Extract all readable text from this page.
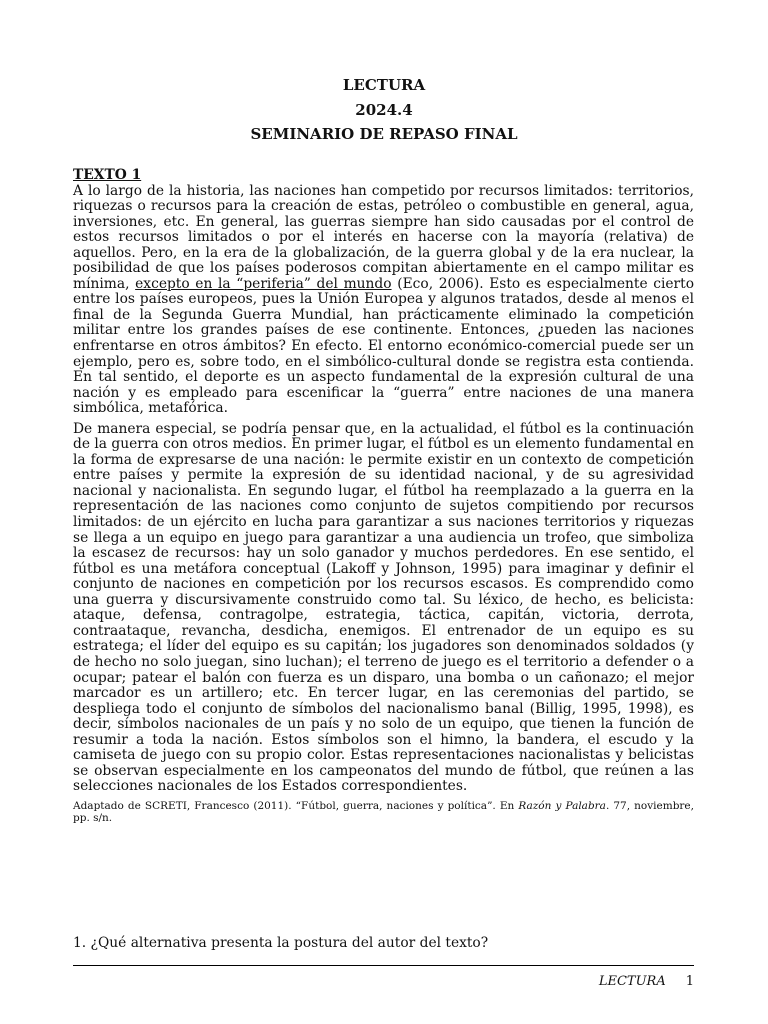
LECTURA
2024.4
SEMINARIO DE REPASO FINAL

TEXTO 1

A lo largo de la historia, las naciones han competido por recursos limitados: territorios, riquezas o recursos para la creación de estas, petróleo o combustible en general, agua, inversiones, etc. En general, las guerras siempre han sido causadas por el control de estos recursos limitados o por el interés en hacerse con la mayoría (relativa) de aquellos. Pero, en la era de la globalización, de la guerra global y de la era nuclear, la posibilidad de que los países poderosos compitan abiertamente en el campo militar es mínima, excepto en la “periferia” del mundo (Eco, 2006). Esto es especialmente cierto entre los países europeos, pues la Unión Europea y algunos tratados, desde al menos el final de la Segunda Guerra Mundial, han prácticamente eliminado la competición militar entre los grandes países de ese continente. Entonces, ¿pueden las naciones enfrentarse en otros ámbitos? En efecto. El entorno económico-comercial puede ser un ejemplo, pero es, sobre todo, en el simbólico-cultural donde se registra esta contienda. En tal sentido, el deporte es un aspecto fundamental de la expresión cultural de una nación y es empleado para escenificar la “guerra” entre naciones de una manera simbólica, metafórica.

De manera especial, se podría pensar que, en la actualidad, el fútbol es la continuación de la guerra con otros medios. En primer lugar, el fútbol es un elemento fundamental en la forma de expresarse de una nación: le permite existir en un contexto de competición entre países y permite la expresión de su identidad nacional, y de su agresividad nacional y nacionalista. En segundo lugar, el fútbol ha reemplazado a la guerra en la representación de las naciones como conjunto de sujetos compitiendo por recursos limitados: de un ejército en lucha para garantizar a sus naciones territorios y riquezas se llega a un equipo en juego para garantizar a una audiencia un trofeo, que simboliza la escasez de recursos: hay un solo ganador y muchos perdedores. En ese sentido, el fútbol es una metáfora conceptual (Lakoff y Johnson, 1995) para imaginar y definir el conjunto de naciones en competición por los recursos escasos. Es comprendido como una guerra y discursivamente construido como tal. Su léxico, de hecho, es belicista: ataque, defensa, contragolpe, estrategia, táctica, capitán, victoria, derrota, contraataque, revancha, desdicha, enemigos. El entrenador de un equipo es su estratega; el líder del equipo es su capitán; los jugadores son denominados soldados (y de hecho no solo juegan, sino luchan); el terreno de juego es el territorio a defender o a ocupar; patear el balón con fuerza es un disparo, una bomba o un cañonazo; el mejor marcador es un artillero; etc. En tercer lugar, en las ceremonias del partido, se despliega todo el conjunto de símbolos del nacionalismo banal (Billig, 1995, 1998), es decir, símbolos nacionales de un país y no solo de un equipo, que tienen la función de resumir a toda la nación. Estos símbolos son el himno, la bandera, el escudo y la camiseta de juego con su propio color. Estas representaciones nacionalistas y belicistas se observan especialmente en los campeonatos del mundo de fútbol, que reúnen a las selecciones nacionales de los Estados correspondientes.

Adaptado de SCRETI, Francesco (2011). “Fútbol, guerra, naciones y política”. En Razón y Palabra. 77, noviembre, pp. s/n.

1. ¿Qué alternativa presenta la postura del autor del texto?
LECTURA 1
